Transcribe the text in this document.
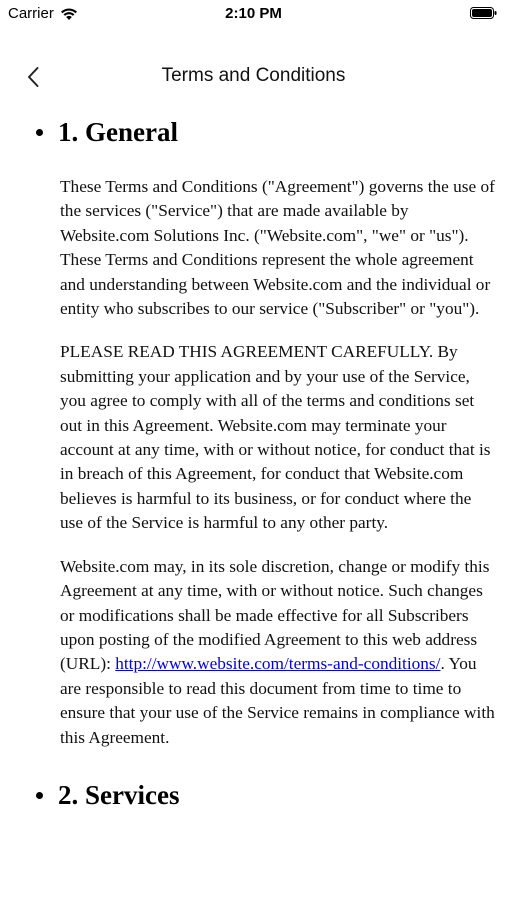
Carrier	2:10 PM
Terms and Conditions
1. General

These Terms and Conditions ("Agreement") governs the use of the services ("Service") that are made available by Website.com Solutions Inc. ("Website.com", "we" or "us"). These Terms and Conditions represent the whole agreement and understanding between Website.com and the individual or entity who subscribes to our service ("Subscriber" or "you").

PLEASE READ THIS AGREEMENT CAREFULLY. By submitting your application and by your use of the Service, you agree to comply with all of the terms and conditions set out in this Agreement. Website.com may terminate your account at any time, with or without notice, for conduct that is in breach of this Agreement, for conduct that Website.com believes is harmful to its business, or for conduct where the use of the Service is harmful to any other party.

Website.com may, in its sole discretion, change or modify this Agreement at any time, with or without notice. Such changes or modifications shall be made effective for all Subscribers upon posting of the modified Agreement to this web address (URL): http://www.website.com/terms-and-conditions/. You are responsible to read this document from time to time to ensure that your use of the Service remains in compliance with this Agreement.

2. Services
